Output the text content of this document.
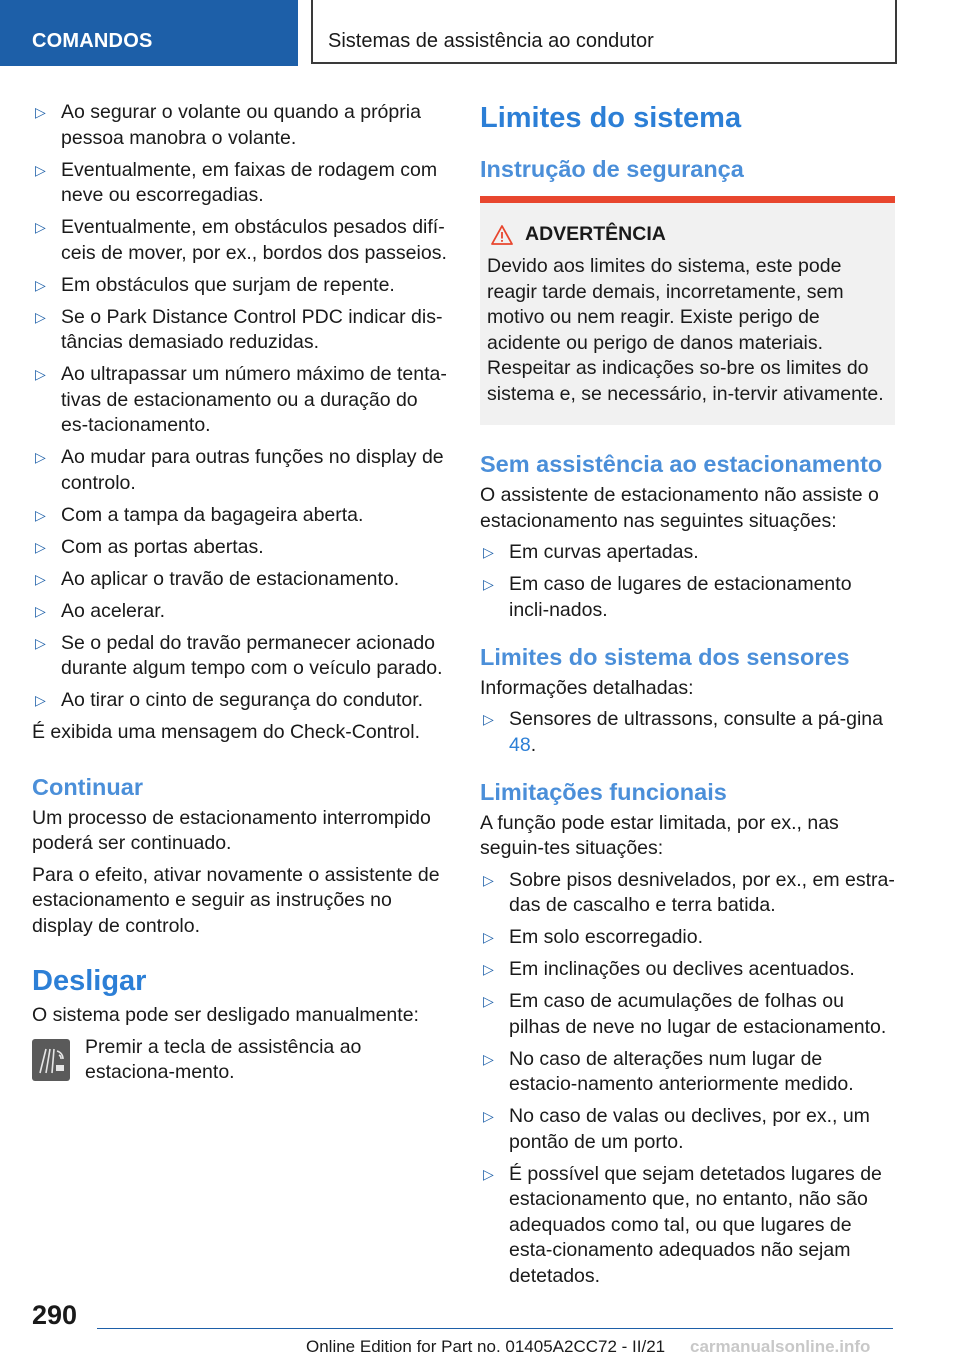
COMANDOS	Sistemas de assistência ao condutor
▷ Ao segurar o volante ou quando a própria pessoa manobra o volante.
▷ Eventualmente, em faixas de rodagem com neve ou escorregadias.
▷ Eventualmente, em obstáculos pesados difí-ceis de mover, por ex., bordos dos passeios.
▷ Em obstáculos que surjam de repente.
▷ Se o Park Distance Control PDC indicar dis-tâncias demasiado reduzidas.
▷ Ao ultrapassar um número máximo de tenta-tivas de estacionamento ou a duração do es-tacionamento.
▷ Ao mudar para outras funções no display de controlo.
▷ Com a tampa da bagageira aberta.
▷ Com as portas abertas.
▷ Ao aplicar o travão de estacionamento.
▷ Ao acelerar.
▷ Se o pedal do travão permanecer acionado durante algum tempo com o veículo parado.
▷ Ao tirar o cinto de segurança do condutor.

É exibida uma mensagem do Check-Control.

Continuar

Um processo de estacionamento interrompido poderá ser continuado.

Para o efeito, ativar novamente o assistente de estacionamento e seguir as instruções no display de controlo.

Desligar

O sistema pode ser desligado manualmente:

Premir a tecla de assistência ao estaciona-mento.

Limites do sistema
Instrução de segurança
ADVERTÊNCIA
Devido aos limites do sistema, este pode reagir tarde demais, incorretamente, sem motivo ou nem reagir. Existe perigo de acidente ou perigo de danos materiais. Respeitar as indicações so-bre os limites do sistema e, se necessário, in-tervir ativamente.
Sem assistência ao estacionamento

O assistente de estacionamento não assiste o estacionamento nas seguintes situações:

▷ Em curvas apertadas.
▷ Em caso de lugares de estacionamento incli-nados.
Limites do sistema dos sensores

Informações detalhadas:

▷ Sensores de ultrassons, consulte a pá-gina 48.
Limitações funcionais

A função pode estar limitada, por ex., nas seguin-tes situações:

▷ Sobre pisos desnivelados, por ex., em estra-das de cascalho e terra batida.
▷ Em solo escorregadio.
▷ Em inclinações ou declives acentuados.
▷ Em caso de acumulações de folhas ou pilhas de neve no lugar de estacionamento.
▷ No caso de alterações num lugar de estacio-namento anteriormente medido.
▷ No caso de valas ou declives, por ex., um pontão de um porto.
▷ É possível que sejam detetados lugares de estacionamento que, no entanto, não são adequados como tal, ou que lugares de esta-cionamento adequados não sejam detetados.
290
Online Edition for Part no. 01405A2CC72 - II/21 carmanualsonline.info
